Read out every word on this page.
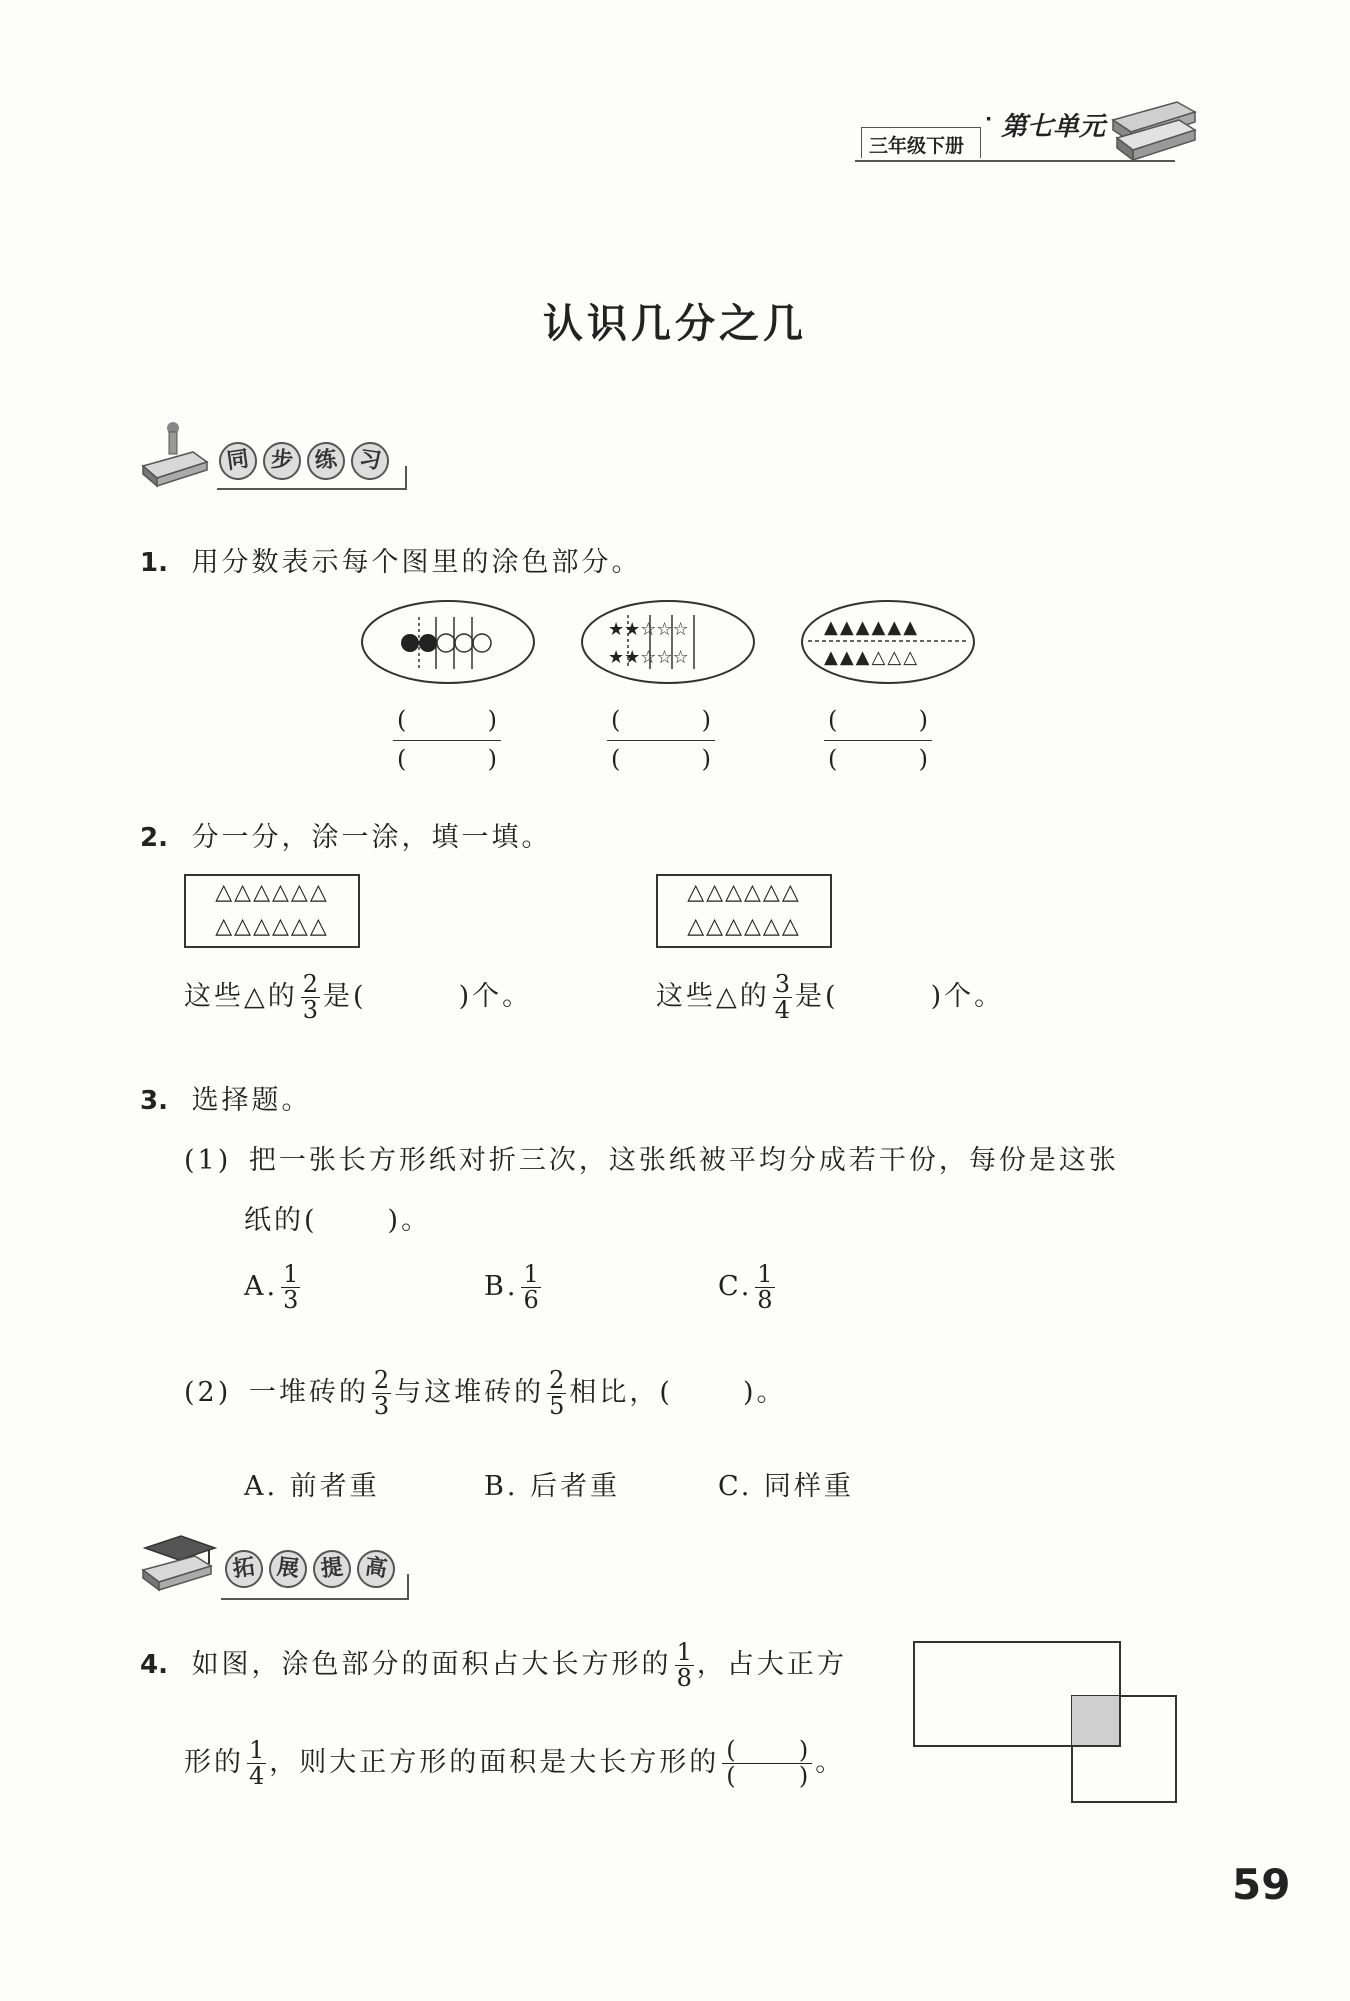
三年级下册
· 第七单元
认识几分之几
同 步 练 习
1. 用分数表示每个图里的涂色部分。
★★☆☆☆
★★☆☆☆
▲▲▲▲▲▲
▲▲▲△△△
(	)
(	)
(	)
(	)
(	)
(	)
2. 分一分，涂一涂，填一填。
△△△△△△
△△△△△△
△△△△△△
△△△△△△
这些△的 $\frac{2}{3}$ 是(	)个。	这些△的 $\frac{3}{4}$ 是(	)个。
3. 选择题。
(1) 把一张长方形纸对折三次，这张纸被平均分成若干份，每份是这张
纸的(	)。
A. $\frac{1}{3}$	B. $\frac{1}{6}$	C. $\frac{1}{8}$
(2) 一堆砖的 $\frac{2}{3}$ 与这堆砖的 $\frac{2}{5}$ 相比，(	)。
A. 前者重	B. 后者重	C. 同样重
拓 展 提 高
4. 如图，涂色部分的面积占大长方形的 $\frac{1}{8}$ ，占大正方
形的 $\frac{1}{4}$ ，则大正方形的面积是大长方形的 (	)
(	) 。
59
